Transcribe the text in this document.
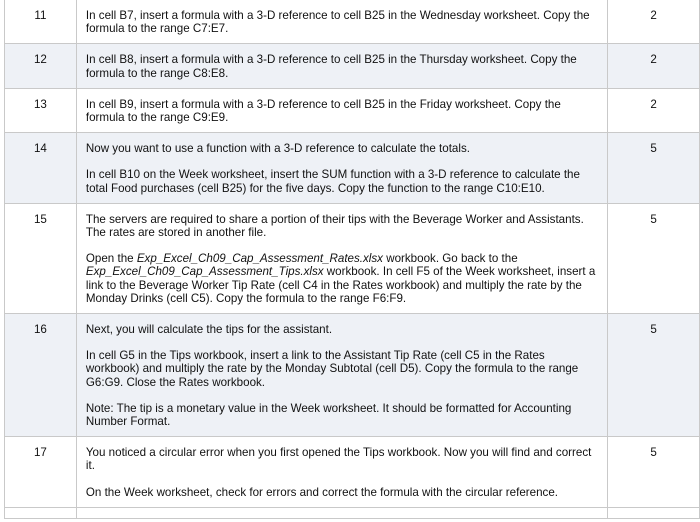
11	In cell B7, insert a formula with a 3-D reference to cell B25 in the Wednesday worksheet. Copy the formula to the range C7:E7.	2
12	In cell B8, insert a formula with a 3-D reference to cell B25 in the Thursday worksheet. Copy the formula to the range C8:E8.	2
13	In cell B9, insert a formula with a 3-D reference to cell B25 in the Friday worksheet. Copy the formula to the range C9:E9.	2
14	Now you want to use a function with a 3-D reference to calculate the totals.

In cell B10 on the Week worksheet, insert the SUM function with a 3-D reference to calculate the total Food purchases (cell B25) for the five days. Copy the function to the range C10:E10.	5
15	The servers are required to share a portion of their tips with the Beverage Worker and Assistants. The rates are stored in another file.

Open the Exp_Excel_Ch09_Cap_Assessment_Rates.xlsx workbook. Go back to the Exp_Excel_Ch09_Cap_Assessment_Tips.xlsx workbook. In cell F5 of the Week worksheet, insert a link to the Beverage Worker Tip Rate (cell C4 in the Rates workbook) and multiply the rate by the Monday Drinks (cell C5). Copy the formula to the range F6:F9.	5
16	Next, you will calculate the tips for the assistant.

In cell G5 in the Tips workbook, insert a link to the Assistant Tip Rate (cell C5 in the Rates workbook) and multiply the rate by the Monday Subtotal (cell D5). Copy the formula to the range G6:G9. Close the Rates workbook.

Note: The tip is a monetary value in the Week worksheet. It should be formatted for Accounting Number Format.	5
17	You noticed a circular error when you first opened the Tips workbook. Now you will find and correct it.

On the Week worksheet, check for errors and correct the formula with the circular reference.	5
